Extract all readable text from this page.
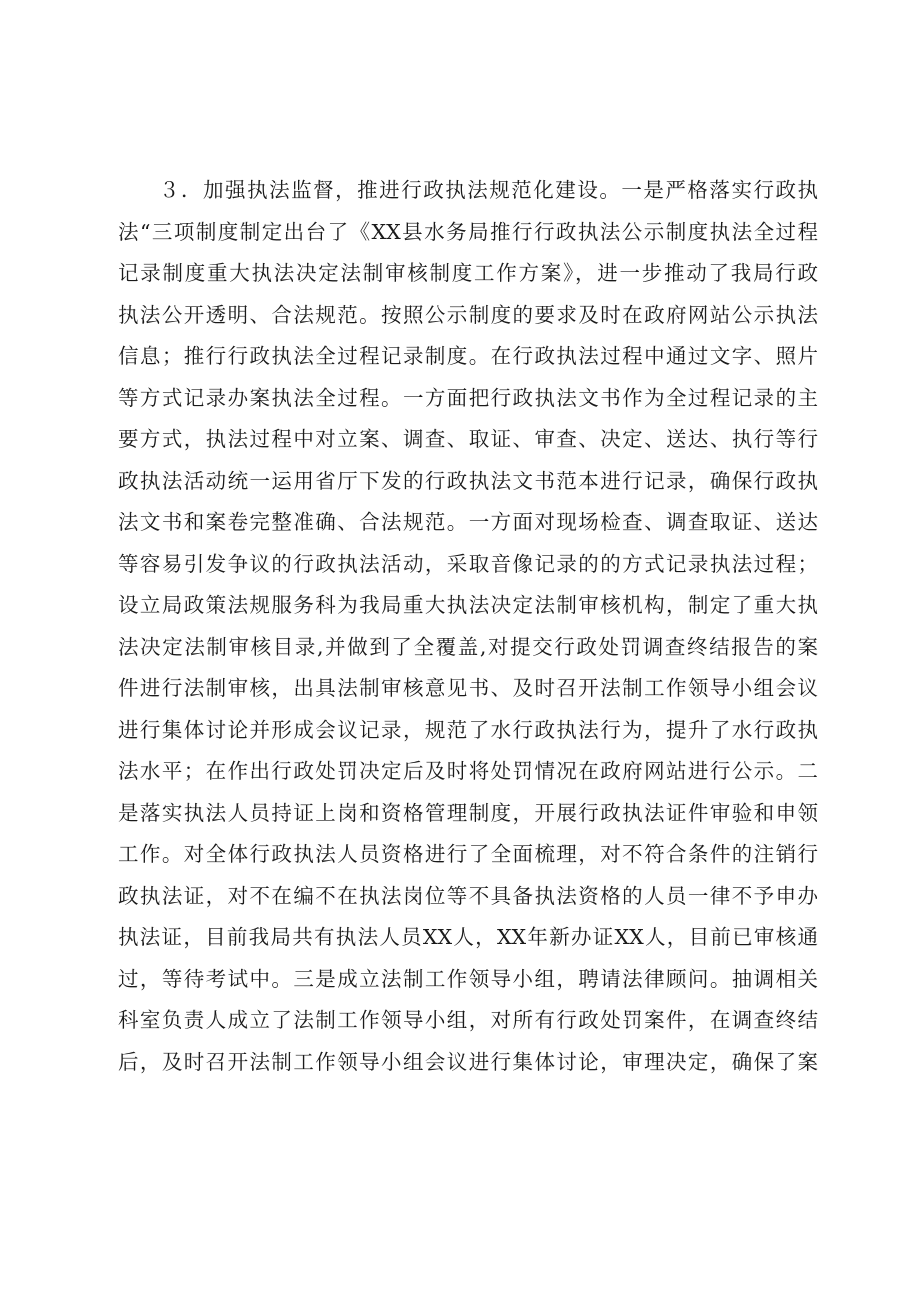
３．加强执法监督，推进行政执法规范化建设。一是严格落实行政执
法“三项制度制定出台了《XX县水务局推行行政执法公示制度执法全过程
记录制度重大执法决定法制审核制度工作方案》，进一步推动了我局行政
执法公开透明、合法规范。按照公示制度的要求及时在政府网站公示执法
信息；推行行政执法全过程记录制度。在行政执法过程中通过文字、照片
等方式记录办案执法全过程。一方面把行政执法文书作为全过程记录的主
要方式，执法过程中对立案、调查、取证、审查、决定、送达、执行等行
政执法活动统一运用省厅下发的行政执法文书范本进行记录，确保行政执
法文书和案卷完整准确、合法规范。一方面对现场检查、调查取证、送达
等容易引发争议的行政执法活动，采取音像记录的的方式记录执法过程；
设立局政策法规服务科为我局重大执法决定法制审核机构，制定了重大执
法决定法制审核目录,并做到了全覆盖,对提交行政处罚调查终结报告的案
件进行法制审核，出具法制审核意见书、及时召开法制工作领导小组会议
进行集体讨论并形成会议记录，规范了水行政执法行为，提升了水行政执
法水平；在作出行政处罚决定后及时将处罚情况在政府网站进行公示。二
是落实执法人员持证上岗和资格管理制度，开展行政执法证件审验和申领
工作。对全体行政执法人员资格进行了全面梳理，对不符合条件的注销行
政执法证，对不在编不在执法岗位等不具备执法资格的人员一律不予申办
执法证，目前我局共有执法人员XX人，XX年新办证XX人，目前已审核通
过，等待考试中。三是成立法制工作领导小组，聘请法律顾问。抽调相关
科室负责人成立了法制工作领导小组，对所有行政处罚案件，在调查终结
后，及时召开法制工作领导小组会议进行集体讨论，审理决定，确保了案
